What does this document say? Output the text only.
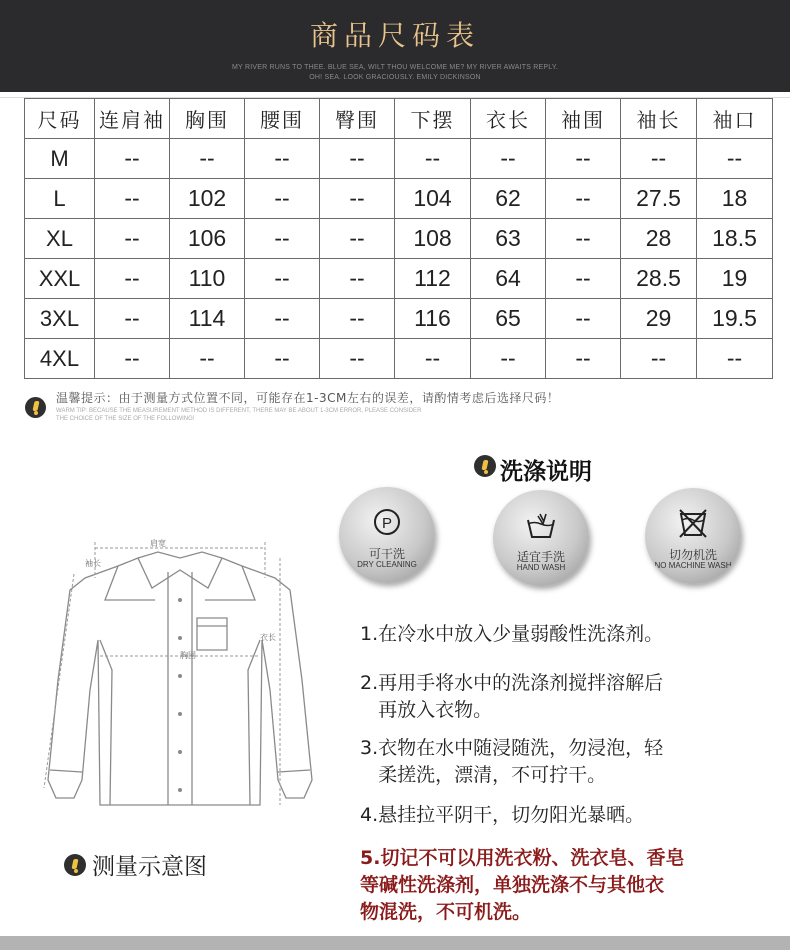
商品尺码表
MY RIVER RUNS TO THEE. BLUE SEA, WILT THOU WELCOME ME? MY RIVER AWAITS REPLY.
OH! SEA. LOOK GRACIOUSLY. EMILY DICKINSON
尺码	连肩袖	胸围	腰围	臀围	下摆	衣长	袖围	袖长	袖口
M	--	--	--	--	--	--	--	--	--
L	--	102	--	--	104	62	--	27.5	18
XL	--	106	--	--	108	63	--	28	18.5
XXL	--	110	--	--	112	64	--	28.5	19
3XL	--	114	--	--	116	65	--	29	19.5
4XL	--	--	--	--	--	--	--	--	--
温馨提示：由于测量方式位置不同，可能存在1-3CM左右的误差，请酌情考虑后选择尺码！
WARM TIP: BECAUSE THE MEASUREMENT METHOD IS DIFFERENT, THERE MAY BE ABOUT 1-3CM ERROR, PLEASE CONSIDER
THE CHOICE OF THE SIZE OF THE FOLLOWING!
肩宽
袖长
衣长
胸围
测量示意图
洗涤说明
P
可干洗
DRY CLEANING
适宜手洗
HAND WASH
切勿机洗
NO MACHINE WASH
1.在冷水中放入少量弱酸性洗涤剂。
2.再用手将水中的洗涤剂搅拌溶解后
再放入衣物。
3.衣物在水中随浸随洗，勿浸泡，轻
柔搓洗，漂清，不可拧干。
4.悬挂拉平阴干，切勿阳光暴晒。
5.切记不可以用洗衣粉、洗衣皂、香皂
等碱性洗涤剂，单独洗涤不与其他衣
物混洗，不可机洗。
